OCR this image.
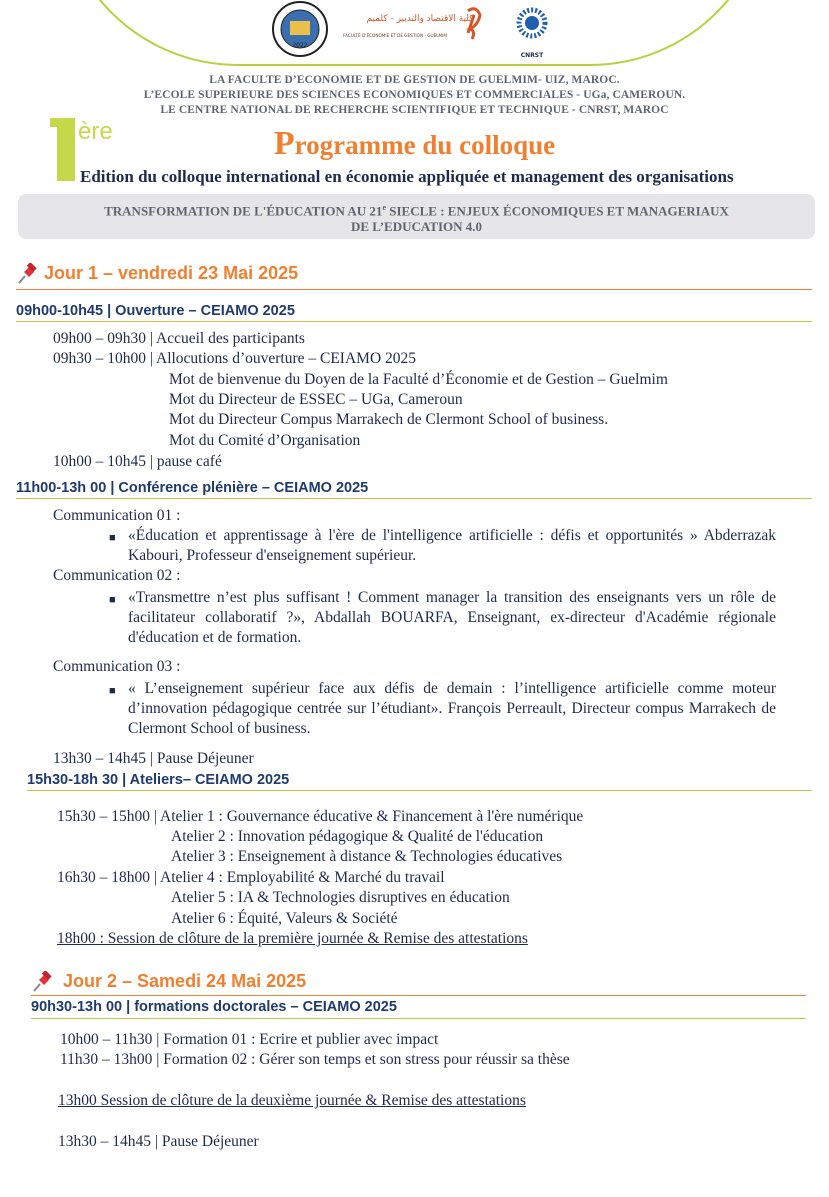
2022
كلية الاقتصاد والتدبير - كلميم
FACULTÉ D'ÉCONOMIE ET DE GESTION - GUELMIM
CNRST
LA FACULTE D’ECONOMIE ET DE GESTION DE GUELMIM- UIZ, MAROC.
L’ECOLE SUPERIEURE DES SCIENCES ECONOMIQUES ET COMMERCIALES - UGa, CAMEROUN.
LE CENTRE NATIONAL DE RECHERCHE SCIENTIFIQUE ET TECHNIQUE - CNRST, MAROC
ère	Programme du colloque
Edition du colloque international en économie appliquée et management des organisations
TRANSFORMATION DE L'ÉDUCATION AU 21e SIECLE : ENJEUX ÉCONOMIQUES ET MANAGERIAUX
DE L’EDUCATION 4.0
Jour 1 – vendredi 23 Mai 2025
09h00-10h45 | Ouverture – CEIAMO 2025
09h00 – 09h30 | Accueil des participants
09h30 – 10h00 | Allocutions d’ouverture – CEIAMO 2025
Mot de bienvenue du Doyen de la Faculté d’Économie et de Gestion – Guelmim
Mot du Directeur de ESSEC – UGa, Cameroun
Mot du Directeur Compus Marrakech de Clermont School of business.
Mot du Comité d’Organisation
10h00 – 10h45 | pause café
11h00-13h 00 | Conférence plénière – CEIAMO 2025
Communication 01 :
■ «Éducation et apprentissage à l'ère de l'intelligence artificielle : défis et opportunités » Abderrazak Kabouri, Professeur d'enseignement supérieur.
Communication 02 :
■ «Transmettre n’est plus suffisant ! Comment manager la transition des enseignants vers un rôle de facilitateur collaboratif ?», Abdallah BOUARFA, Enseignant, ex-directeur d'Académie régionale d'éducation et de formation.
Communication 03 :
■ « L’enseignement supérieur face aux défis de demain : l’intelligence artificielle comme moteur d’innovation pédagogique centrée sur l’étudiant». François Perreault, Directeur compus Marrakech de Clermont School of business.
13h30 – 14h45 | Pause Déjeuner
15h30-18h 30 | Ateliers– CEIAMO 2025
15h30 – 15h00 | Atelier 1 : Gouvernance éducative & Financement à l'ère numérique
Atelier 2 : Innovation pédagogique & Qualité de l'éducation
Atelier 3 : Enseignement à distance & Technologies éducatives
16h30 – 18h00 | Atelier 4 : Employabilité & Marché du travail
Atelier 5 : IA & Technologies disruptives en éducation
Atelier 6 : Équité, Valeurs & Société
18h00 : Session de clôture de la première journée & Remise des attestations
Jour 2 – Samedi 24 Mai 2025
90h30-13h 00 | formations doctorales – CEIAMO 2025
10h00 – 11h30 | Formation 01 : Ecrire et publier avec impact
11h30 – 13h00 | Formation 02 : Gérer son temps et son stress pour réussir sa thèse
13h00 Session de clôture de la deuxième journée & Remise des attestations
13h30 – 14h45 | Pause Déjeuner
